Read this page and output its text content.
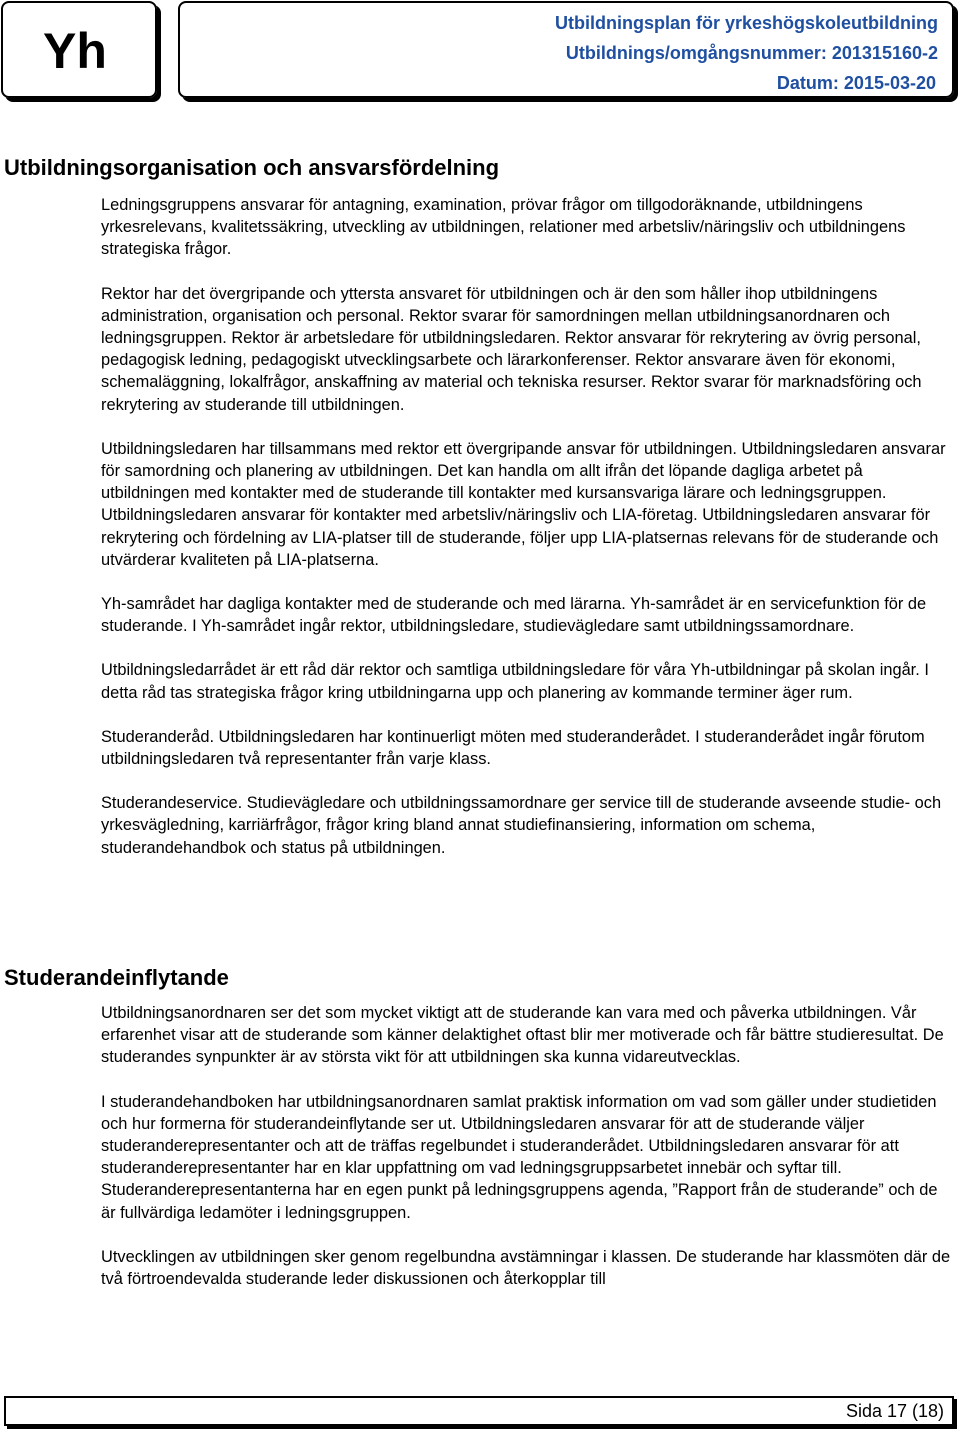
Yh	Utbildningsplan för yrkeshögskoleutbildning
Utbildnings/omgångsnummer: 201315160-2
Datum: 2015-03-20
Utbildningsorganisation och ansvarsfördelning

Ledningsgruppens ansvarar för antagning, examination, prövar frågor om tillgodoräknande, utbildningens yrkesrelevans, kvalitetssäkring, utveckling av utbildningen, relationer med arbetsliv/näringsliv och utbildningens strategiska frågor.

Rektor har det övergripande och yttersta ansvaret för utbildningen och är den som håller ihop utbildningens administration, organisation och personal. Rektor svarar för samordningen mellan utbildningsanordnaren och ledningsgruppen. Rektor är arbetsledare för utbildningsledaren. Rektor ansvarar för rekrytering av övrig personal, pedagogisk ledning, pedagogiskt utvecklingsarbete och lärarkonferenser. Rektor ansvarare även för ekonomi, schemaläggning, lokalfrågor, anskaffning av material och tekniska resurser. Rektor svarar för marknadsföring och rekrytering av studerande till utbildningen.

Utbildningsledaren har tillsammans med rektor ett övergripande ansvar för utbildningen. Utbildningsledaren ansvarar för samordning och planering av utbildningen. Det kan handla om allt ifrån det löpande dagliga arbetet på utbildningen med kontakter med de studerande till kontakter med kursansvariga lärare och ledningsgruppen. Utbildningsledaren ansvarar för kontakter med arbetsliv/näringsliv och LIA-företag. Utbildningsledaren ansvarar för rekrytering och fördelning av LIA-platser till de studerande, följer upp LIA-platsernas relevans för de studerande och utvärderar kvaliteten på LIA-platserna.

Yh-samrådet har dagliga kontakter med de studerande och med lärarna. Yh-samrådet är en servicefunktion för de studerande. I Yh-samrådet ingår rektor, utbildningsledare, studievägledare samt utbildningssamordnare.

Utbildningsledarrådet är ett råd där rektor och samtliga utbildningsledare för våra Yh-utbildningar på skolan ingår. I detta råd tas strategiska frågor kring utbildningarna upp och planering av kommande terminer äger rum.

Studeranderåd. Utbildningsledaren har kontinuerligt möten med studeranderådet. I studeranderådet ingår förutom utbildningsledaren två representanter från varje klass.

Studerandeservice. Studievägledare och utbildningssamordnare ger service till de studerande avseende studie- och yrkesvägledning, karriärfrågor, frågor kring bland annat studiefinansiering, information om schema, studerandehandbok och status på utbildningen.

Studerandeinflytande

Utbildningsanordnaren ser det som mycket viktigt att de studerande kan vara med och påverka utbildningen. Vår erfarenhet visar att de studerande som känner delaktighet oftast blir mer motiverade och får bättre studieresultat. De studerandes synpunkter är av största vikt för att utbildningen ska kunna vidareutvecklas.

I studerandehandboken har utbildningsanordnaren samlat praktisk information om vad som gäller under studietiden och hur formerna för studerandeinflytande ser ut. Utbildningsledaren ansvarar för att de studerande väljer studeranderepresentanter och att de träffas regelbundet i studeranderådet. Utbildningsledaren ansvarar för att studeranderepresentanter har en klar uppfattning om vad ledningsgruppsarbetet innebär och syftar till. Studeranderepresentanterna har en egen punkt på ledningsgruppens agenda, ”Rapport från de studerande” och de är fullvärdiga ledamöter i ledningsgruppen.

Utvecklingen av utbildningen sker genom regelbundna avstämningar i klassen. De studerande har klassmöten där de två förtroendevalda studerande leder diskussionen och återkopplar till

Sida 17 (18)
